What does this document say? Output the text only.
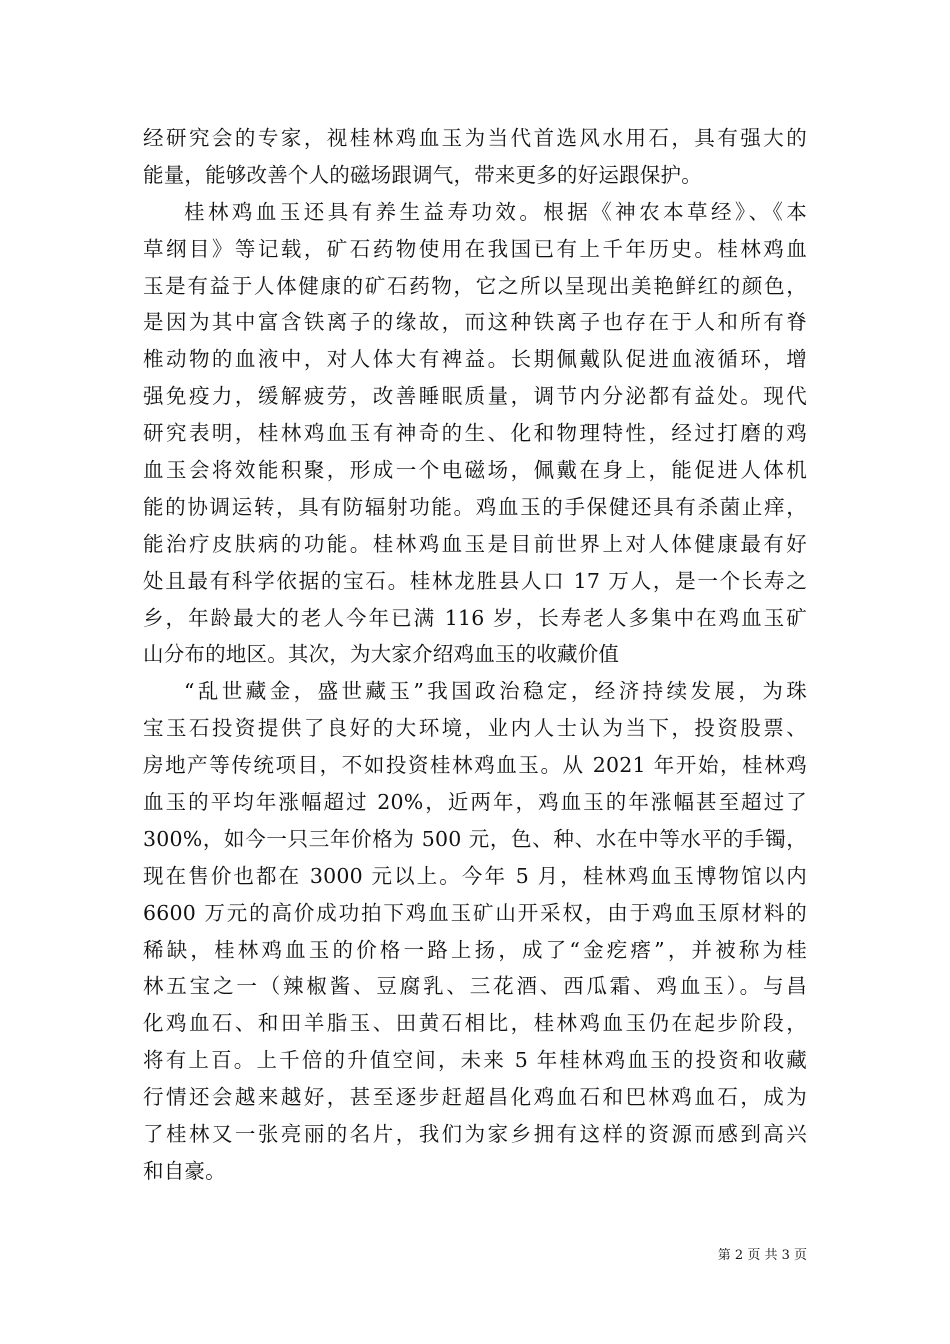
经研究会的专家，视桂林鸡血玉为当代首选风水用石，具有强大的
能量，能够改善个人的磁场跟调气，带来更多的好运跟保护。
桂林鸡血玉还具有养生益寿功效。根据《神农本草经》、《本
草纲目》等记载，矿石药物使用在我国已有上千年历史。桂林鸡血
玉是有益于人体健康的矿石药物，它之所以呈现出美艳鲜红的颜色，
是因为其中富含铁离子的缘故，而这种铁离子也存在于人和所有脊
椎动物的血液中，对人体大有裨益。长期佩戴队促进血液循环，增
强免疫力，缓解疲劳，改善睡眠质量，调节内分泌都有益处。现代
研究表明，桂林鸡血玉有神奇的生、化和物理特性，经过打磨的鸡
血玉会将效能积聚，形成一个电磁场，佩戴在身上，能促进人体机
能的协调运转，具有防辐射功能。鸡血玉的手保健还具有杀菌止痒，
能治疗皮肤病的功能。桂林鸡血玉是目前世界上对人体健康最有好
处且最有科学依据的宝石。桂林龙胜县人口 17 万人，是一个长寿之
乡，年龄最大的老人今年已满 116 岁，长寿老人多集中在鸡血玉矿
山分布的地区。其次，为大家介绍鸡血玉的收藏价值
“乱世藏金，盛世藏玉”我国政治稳定，经济持续发展，为珠
宝玉石投资提供了良好的大环境，业内人士认为当下，投资股票、
房地产等传统项目，不如投资桂林鸡血玉。从 2021 年开始，桂林鸡
血玉的平均年涨幅超过 20%，近两年，鸡血玉的年涨幅甚至超过了
300%，如今一只三年价格为 500 元，色、种、水在中等水平的手镯，
现在售价也都在 3000 元以上。今年 5 月，桂林鸡血玉博物馆以内
6600 万元的高价成功拍下鸡血玉矿山开采权，由于鸡血玉原材料的
稀缺，桂林鸡血玉的价格一路上扬，成了“金疙瘩”，并被称为桂
林五宝之一（辣椒酱、豆腐乳、三花酒、西瓜霜、鸡血玉）。与昌
化鸡血石、和田羊脂玉、田黄石相比，桂林鸡血玉仍在起步阶段，
将有上百。上千倍的升值空间，未来 5 年桂林鸡血玉的投资和收藏
行情还会越来越好，甚至逐步赶超昌化鸡血石和巴林鸡血石，成为
了桂林又一张亮丽的名片，我们为家乡拥有这样的资源而感到高兴
和自豪。
第 2 页 共 3 页
